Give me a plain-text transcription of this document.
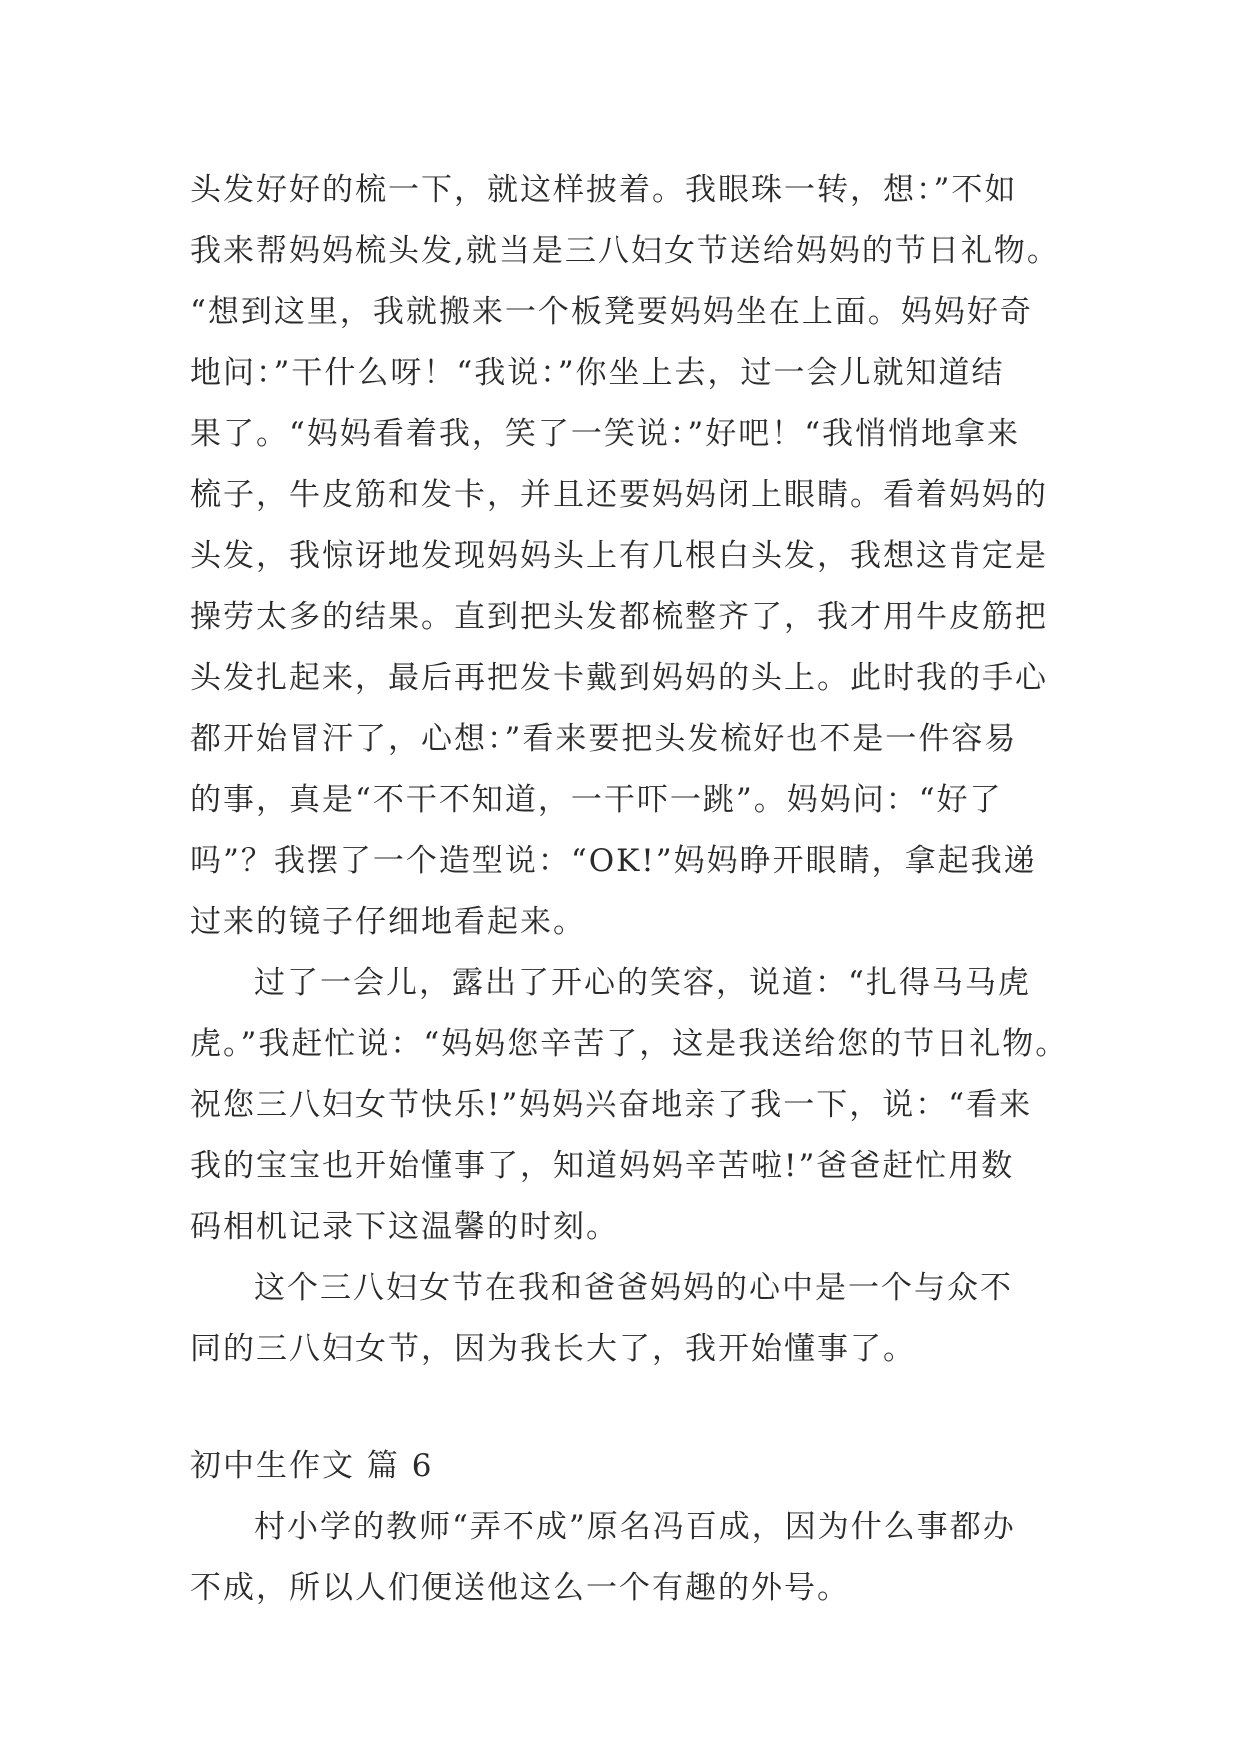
头发好好的梳一下，就这样披着。我眼珠一转，想：”不如
我来帮妈妈梳头发,就当是三八妇女节送给妈妈的节日礼物。
“想到这里，我就搬来一个板凳要妈妈坐在上面。妈妈好奇
地问：”干什么呀！“我说：”你坐上去，过一会儿就知道结
果了。“妈妈看着我，笑了一笑说：”好吧！“我悄悄地拿来
梳子，牛皮筋和发卡，并且还要妈妈闭上眼睛。看着妈妈的
头发，我惊讶地发现妈妈头上有几根白头发，我想这肯定是
操劳太多的结果。直到把头发都梳整齐了，我才用牛皮筋把
头发扎起来，最后再把发卡戴到妈妈的头上。此时我的手心
都开始冒汗了，心想：”看来要把头发梳好也不是一件容易
的事，真是“不干不知道，一干吓一跳”。妈妈问：“好了
吗”？我摆了一个造型说：“OK!”妈妈睁开眼睛，拿起我递
过来的镜子仔细地看起来。
过了一会儿，露出了开心的笑容，说道：“扎得马马虎
虎。”我赶忙说：“妈妈您辛苦了，这是我送给您的节日礼物。
祝您三八妇女节快乐!”妈妈兴奋地亲了我一下，说：“看来
我的宝宝也开始懂事了，知道妈妈辛苦啦!”爸爸赶忙用数
码相机记录下这温馨的时刻。
这个三八妇女节在我和爸爸妈妈的心中是一个与众不
同的三八妇女节，因为我长大了，我开始懂事了。
初中生作文 篇 6
村小学的教师“弄不成”原名冯百成，因为什么事都办
不成，所以人们便送他这么一个有趣的外号。
